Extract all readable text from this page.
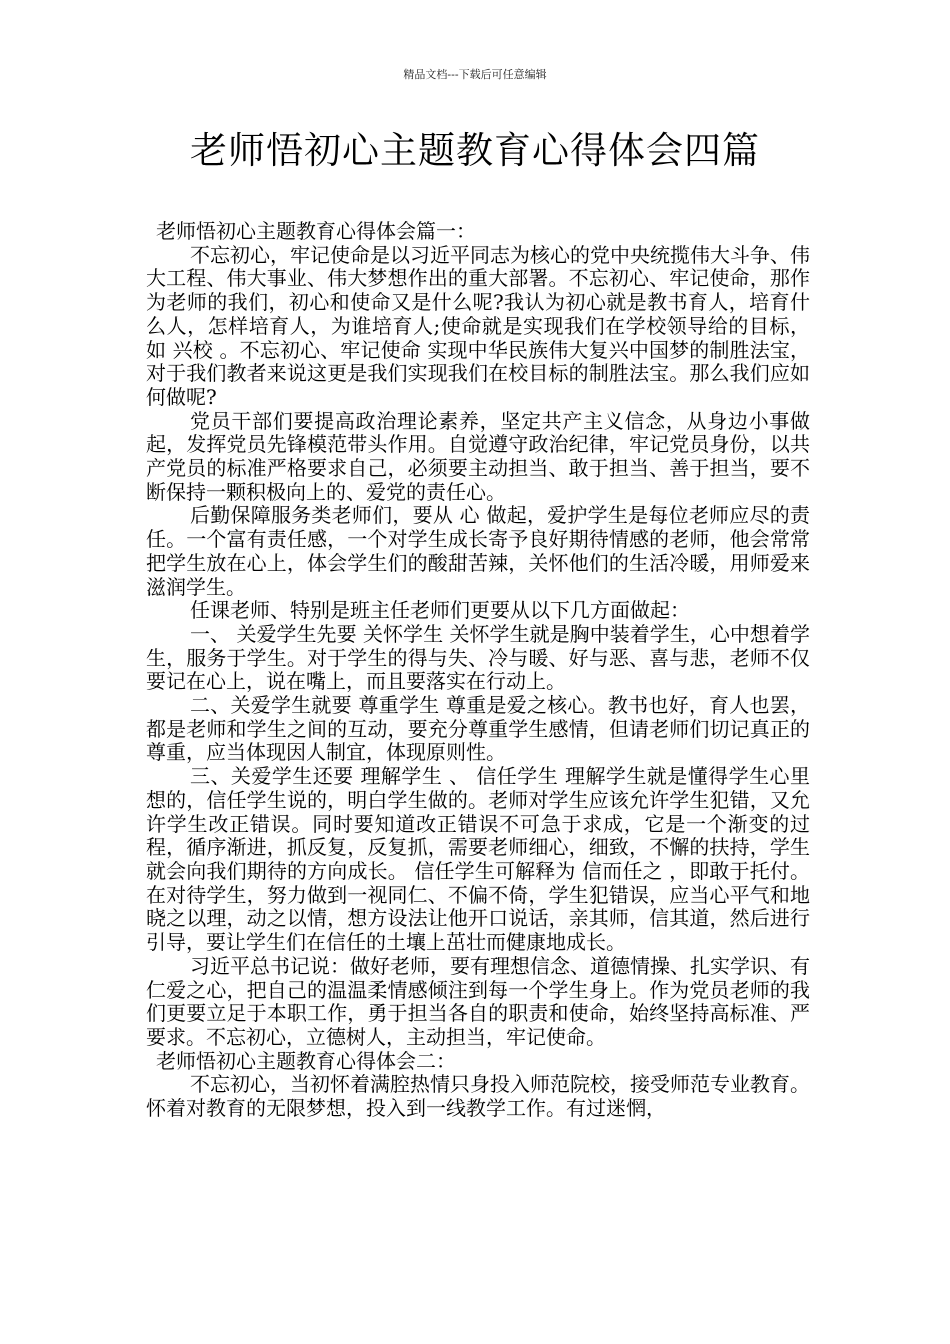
精品文档---下载后可任意编辑
老师悟初心主题教育心得体会四篇

老师悟初心主题教育心得体会篇一：

不忘初心，牢记使命是以习近平同志为核心的党中央统揽伟大斗争、伟大工程、伟大事业、伟大梦想作出的重大部署。不忘初心、牢记使命，那作为老师的我们，初心和使命又是什么呢?我认为初心就是教书育人，培育什么人，怎样培育人，为谁培育人;使命就是实现我们在学校领导给的目标，如 兴校 。不忘初心、牢记使命 实现中华民族伟大复兴中国梦的制胜法宝，对于我们教者来说这更是我们实现我们在校目标的制胜法宝。那么我们应如何做呢?

党员干部们要提高政治理论素养，坚定共产主义信念，从身边小事做起，发挥党员先锋模范带头作用。自觉遵守政治纪律，牢记党员身份，以共产党员的标准严格要求自己，必须要主动担当、敢于担当、善于担当，要不断保持一颗积极向上的、爱党的责任心。

后勤保障服务类老师们，要从 心 做起，爱护学生是每位老师应尽的责任。一个富有责任感，一个对学生成长寄予良好期待情感的老师，他会常常把学生放在心上，体会学生们的酸甜苦辣，关怀他们的生活冷暖，用师爱来滋润学生。

任课老师、特别是班主任老师们更要从以下几方面做起：

一、 关爱学生先要 关怀学生 关怀学生就是胸中装着学生，心中想着学生，服务于学生。对于学生的得与失、冷与暖、好与恶、喜与悲，老师不仅要记在心上，说在嘴上，而且要落实在行动上。

二、关爱学生就要 尊重学生 尊重是爱之核心。教书也好，育人也罢，都是老师和学生之间的互动，要充分尊重学生感情，但请老师们切记真正的尊重，应当体现因人制宜，体现原则性。

三、关爱学生还要 理解学生 、 信任学生 理解学生就是懂得学生心里想的，信任学生说的，明白学生做的。老师对学生应该允许学生犯错，又允许学生改正错误。同时要知道改正错误不可急于求成，它是一个渐变的过程，循序渐进，抓反复，反复抓，需要老师细心，细致，不懈的扶持，学生就会向我们期待的方向成长。 信任学生可解释为 信而任之 ，即敢于托付。在对待学生，努力做到一视同仁、不偏不倚，学生犯错误，应当心平气和地晓之以理，动之以情，想方设法让他开口说话，亲其师，信其道，然后进行引导，要让学生们在信任的土壤上茁壮而健康地成长。

习近平总书记说：做好老师，要有理想信念、道德情操、扎实学识、有仁爱之心，把自己的温温柔情感倾注到每一个学生身上。作为党员老师的我们更要立足于本职工作，勇于担当各自的职责和使命，始终坚持高标准、严要求。不忘初心，立德树人，主动担当，牢记使命。

老师悟初心主题教育心得体会二：

不忘初心，当初怀着满腔热情只身投入师范院校，接受师范专业教育。怀着对教育的无限梦想，投入到一线教学工作。有过迷惘，
